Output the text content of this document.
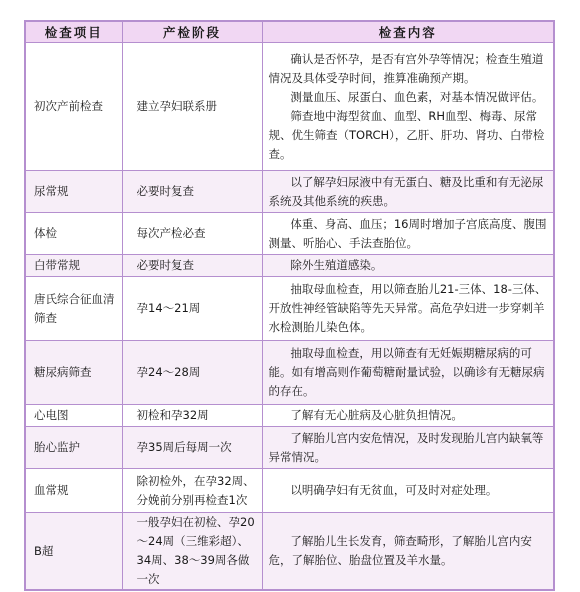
检查项目	产检阶段	检查内容
初次产前检查	建立孕妇联系册	确认是否怀孕，是否有宫外孕等情况；检查生殖道情况及具体受孕时间，推算准确预产期。
测量血压、尿蛋白、血色素，对基本情况做评估。
筛查地中海型贫血、血型、RH血型、梅毒、尿常规、优生筛查（TORCH），乙肝、肝功、肾功、白带检查。

尿常规	必要时复查	以了解孕妇尿液中有无蛋白、糖及比重和有无泌尿系统及其他系统的疾患。

体检	每次产检必查	体重、身高、血压；16周时增加子宫底高度、腹围测量、听胎心、手法查胎位。

白带常规	必要时复查	除外生殖道感染。

唐氏综合征血清筛查	孕14～21周	抽取母血检查，用以筛查胎儿21-三体、18-三体、开放性神经管缺陷等先天异常。高危孕妇进一步穿刺羊水检测胎儿染色体。

糖尿病筛查	孕24～28周	抽取母血检查，用以筛查有无妊娠期糖尿病的可能。如有增高则作葡萄糖耐量试验，以确诊有无糖尿病的存在。

心电图	初检和孕32周	了解有无心脏病及心脏负担情况。

胎心监护	孕35周后每周一次	了解胎儿宫内安危情况，及时发现胎儿宫内缺氧等异常情况。

血常规	除初检外，在孕32周、分娩前分别再检查1次	以明确孕妇有无贫血，可及时对症处理。

B超	一般孕妇在初检、孕20～24周（三维彩超）、34周、38～39周各做一次	了解胎儿生长发育，筛查畸形，了解胎儿宫内安危，了解胎位、胎盘位置及羊水量。
